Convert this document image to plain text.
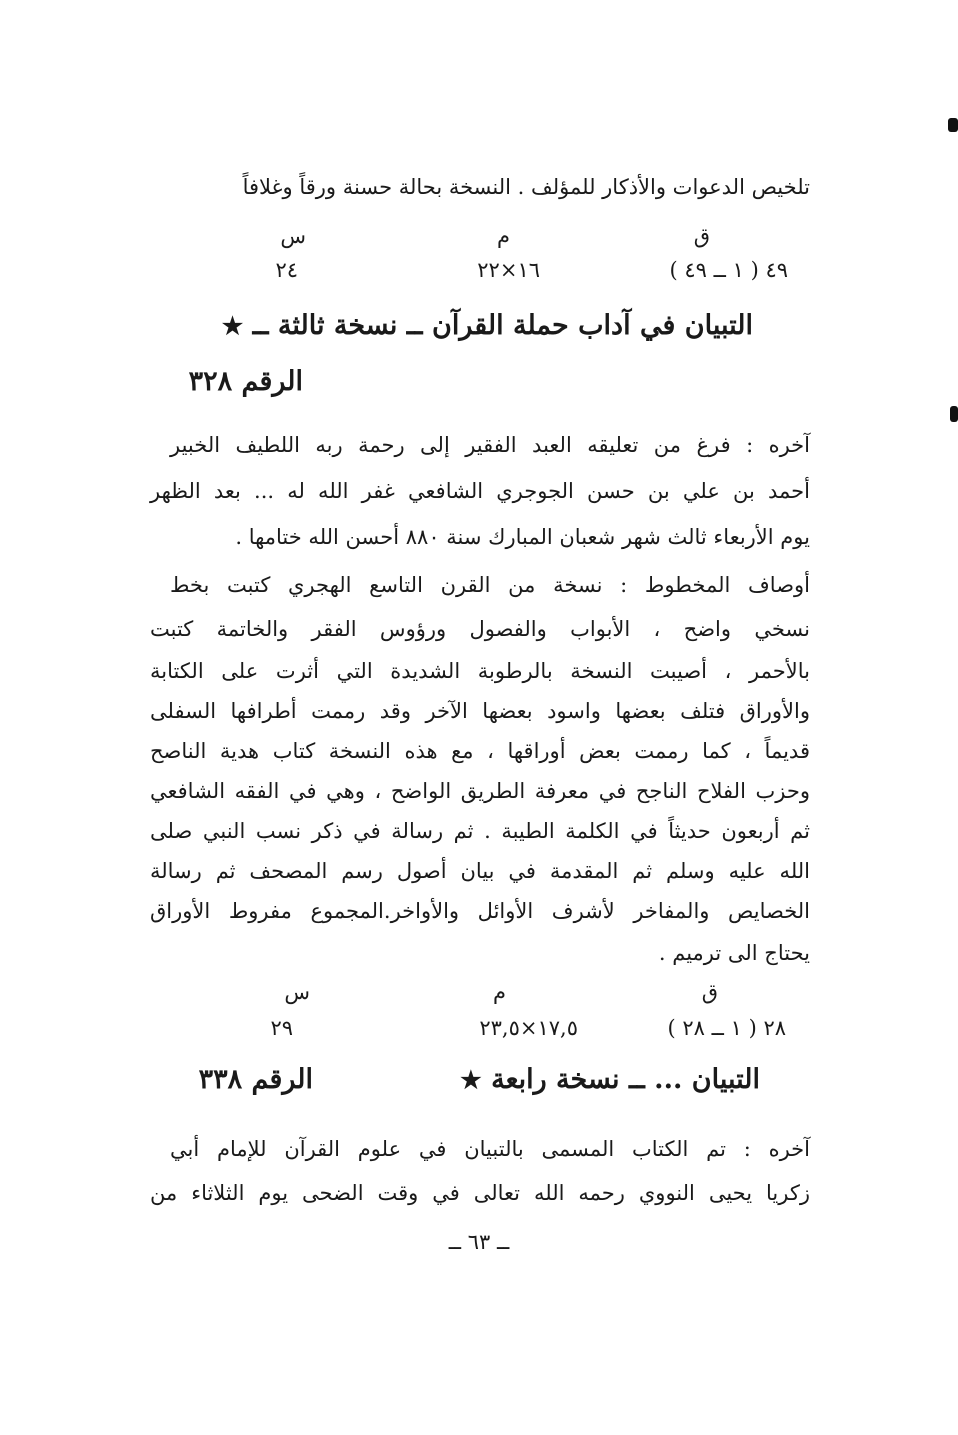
تلخيص الدعوات والأذكار للمؤلف . النسخة بحالة حسنة ورقاً وغلافاً
ق
م
س
٤٩ ( ١ ــ ٤٩ )
١٦×٢٢
٢٤
التبيان في آداب حملة القرآن ــ نسخة ثالثة ــ ★
الرقم ٣٢٨
آخره : فرغ من تعليقه العبد الفقير إلى رحمة ربه اللطيف الخبير
أحمد بن علي بن حسن الجوجري الشافعي غفر الله له ... بعد الظهر
يوم الأربعاء ثالث شهر شعبان المبارك سنة ٨٨٠ أحسن الله ختامها .
أوصاف المخطوط : نسخة من القرن التاسع الهجري كتبت بخط
نسخي واضح ، الأبواب والفصول ورؤوس الفقر والخاتمة كتبت
بالأحمر ، أصيبت النسخة بالرطوبة الشديدة التي أثرت على الكتابة
والأوراق فتلف بعضها واسود بعضها الآخر وقد رممت أطرافها السفلى
قديماً ، كما رممت بعض أوراقها ، مع هذه النسخة كتاب هدية الناصح
وحزب الفلاح الناجح في معرفة الطريق الواضح ، وهي في الفقه الشافعي
ثم أربعون حديثاً في الكلمة الطيبة . ثم رسالة في ذكر نسب النبي صلى
الله عليه وسلم ثم المقدمة في بيان أصول رسم المصحف ثم رسالة
الخصايص والمفاخر لأشرف الأوائل والأواخر.المجموع مفروط الأوراق
يحتاج الى ترميم .
ق
م
س
٢٨ ( ١ ــ ٢٨ )
١٧,٥×٢٣,٥
٢٩
التبيان ... ــ نسخة رابعة ★
الرقم ٣٣٨
آخره : تم الكتاب المسمى بالتبيان في علوم القرآن للإمام أبي
زكريا يحيى النووي رحمه الله تعالى في وقت الضحى يوم الثلاثاء من
ــ ٦٣ ــ
